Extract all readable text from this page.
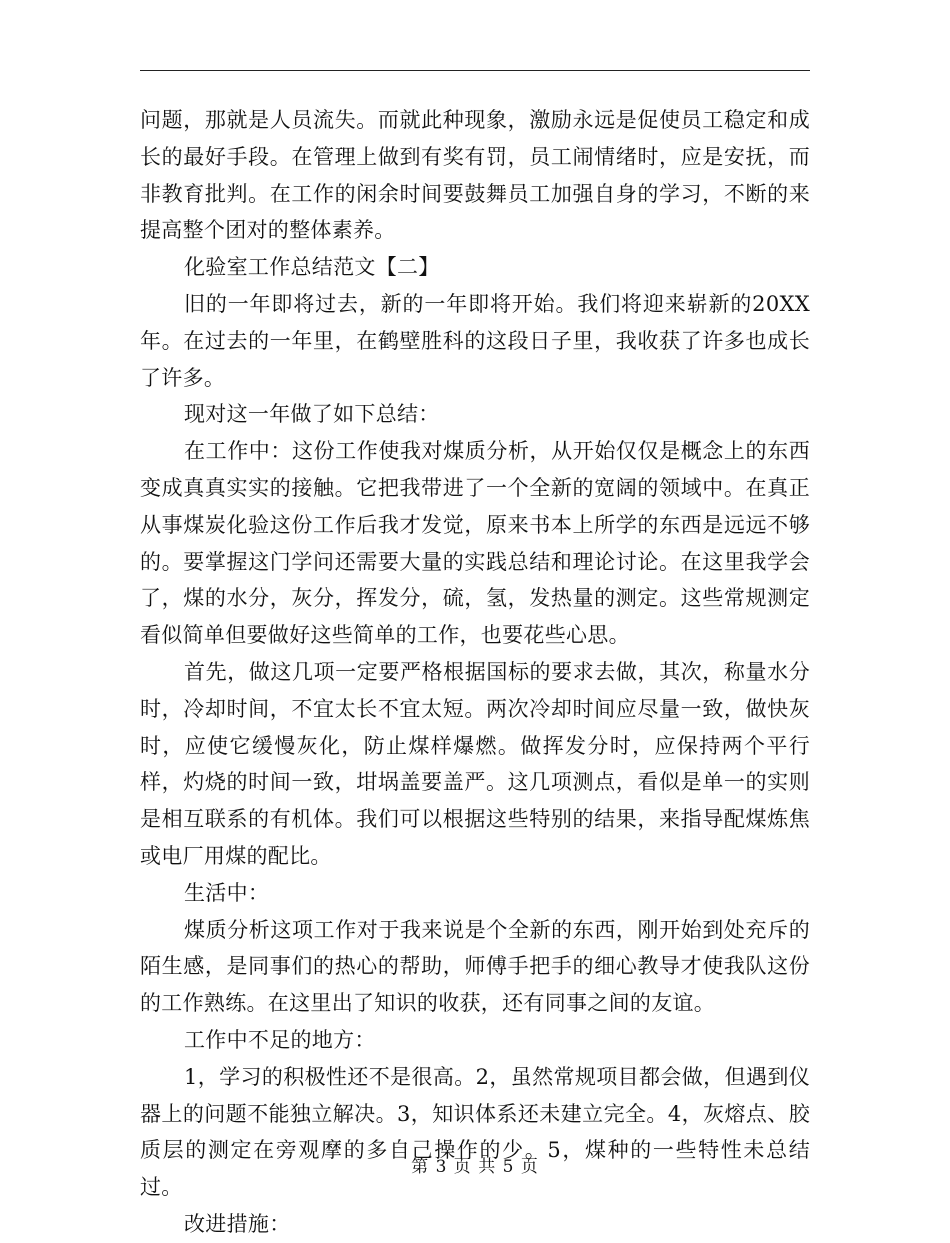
问题，那就是人员流失。而就此种现象，激励永远是促使员工稳定和成长的最好手段。在管理上做到有奖有罚，员工闹情绪时，应是安抚，而非教育批判。在工作的闲余时间要鼓舞员工加强自身的学习，不断的来提高整个团对的整体素养。

化验室工作总结范文【二】

旧的一年即将过去，新的一年即将开始。我们将迎来崭新的20XX年。在过去的一年里，在鹤壁胜科的这段日子里，我收获了许多也成长了许多。

现对这一年做了如下总结：

在工作中：这份工作使我对煤质分析，从开始仅仅是概念上的东西变成真真实实的接触。它把我带进了一个全新的宽阔的领域中。在真正从事煤炭化验这份工作后我才发觉，原来书本上所学的东西是远远不够的。要掌握这门学问还需要大量的实践总结和理论讨论。在这里我学会了，煤的水分，灰分，挥发分，硫，氢，发热量的测定。这些常规测定看似简单但要做好这些简单的工作，也要花些心思。

首先，做这几项一定要严格根据国标的要求去做，其次，称量水分时，冷却时间，不宜太长不宜太短。两次冷却时间应尽量一致，做快灰时，应使它缓慢灰化，防止煤样爆燃。做挥发分时，应保持两个平行样，灼烧的时间一致，坩埚盖要盖严。这几项测点，看似是单一的实则是相互联系的有机体。我们可以根据这些特别的结果，来指导配煤炼焦或电厂用煤的配比。

生活中：

煤质分析这项工作对于我来说是个全新的东西，刚开始到处充斥的陌生感，是同事们的热心的帮助，师傅手把手的细心教导才使我队这份的工作熟练。在这里出了知识的收获，还有同事之间的友谊。

工作中不足的地方：

1，学习的积极性还不是很高。2，虽然常规项目都会做，但遇到仪器上的问题不能独立解决。3，知识体系还未建立完全。4，灰熔点、胶质层的测定在旁观摩的多自己操作的少。5，煤种的一些特性未总结过。

改进措施：

第 3 页 共 5 页
